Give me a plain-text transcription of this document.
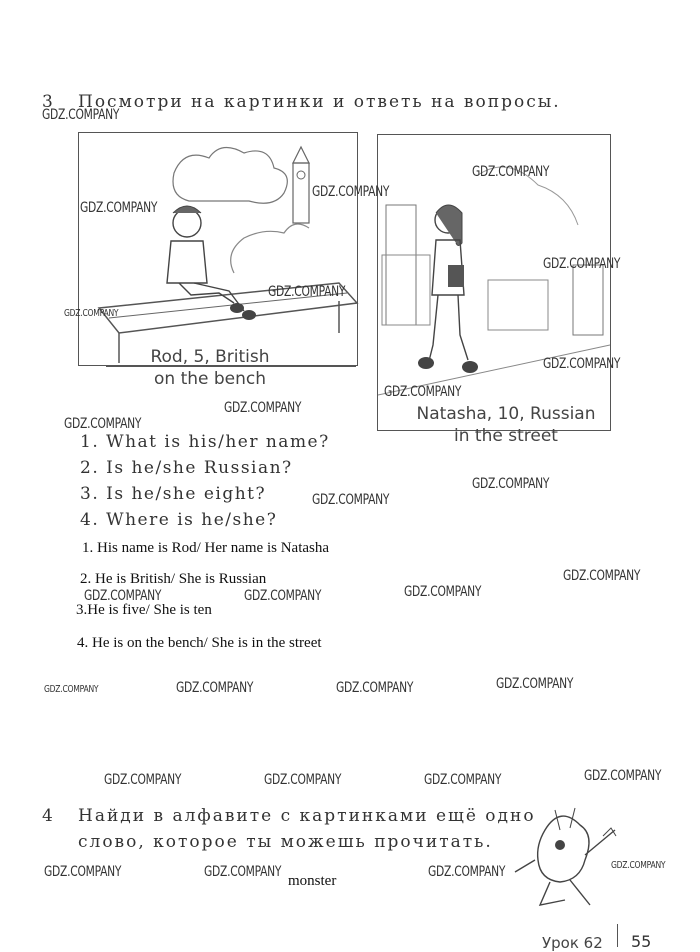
3 Посмотри на картинки и ответь на вопросы.
Rod, 5, British
on the bench
Natasha, 10, Russian
in the street
1. What is his/her name?
2. Is he/she Russian?
3. Is he/she eight?
4. Where is he/she?
1. His name is Rod/ Her name is Natasha
2. He is British/ She is Russian
3.He is five/ She is ten
4. He is on the bench/ She is in the street
4 Найди в алфавите с картинками ещё одно
слово, которое ты можешь прочитать.
monster
Урок 62 55
GDZ.COMPANY
GDZ.COMPANY
GDZ.COMPANY
GDZ.COMPANY
GDZ.COMPANY
GDZ.COMPANY
GDZ.COMPANY
GDZ.COMPANY
GDZ.COMPANY
GDZ.COMPANY
GDZ.COMPANY
GDZ.COMPANY
GDZ.COMPANY
GDZ.COMPANY
GDZ.COMPANY
GDZ.COMPANY	GDZ.COMPANY
GDZ.COMPANY	GDZ.COMPANY	GDZ.COMPANY	GDZ.COMPANY
GDZ.COMPANY	GDZ.COMPANY	GDZ.COMPANY	GDZ.COMPANY
GDZ.COMPANY	GDZ.COMPANY	GDZ.COMPANY	GDZ.COMPANY
